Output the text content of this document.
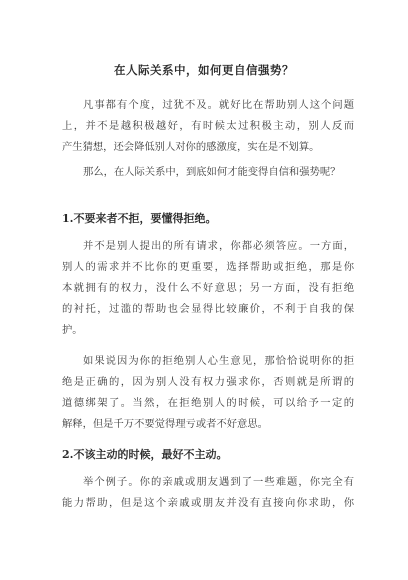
在人际关系中，如何更自信强势？

凡事都有个度，过犹不及。就好比在帮助别人这个问题
上，并不是越积极越好，有时候太过积极主动，别人反而
产生猜想，还会降低别人对你的感激度，实在是不划算。

那么，在人际关系中，到底如何才能变得自信和强势呢？

1.不要来者不拒，要懂得拒绝。

并不是别人提出的所有请求，你都必须答应。一方面，
别人的需求并不比你的更重要，选择帮助或拒绝，那是你
本就拥有的权力，没什么不好意思；另一方面，没有拒绝
的衬托，过滥的帮助也会显得比较廉价，不利于自我的保
护。

如果说因为你的拒绝别人心生意见，那恰恰说明你的拒
绝是正确的，因为别人没有权力强求你，否则就是所谓的
道德绑架了。当然，在拒绝别人的时候，可以给予一定的
解释，但是千万不要觉得理亏或者不好意思。

2.不该主动的时候，最好不主动。

举个例子。你的亲戚或朋友遇到了一些难题，你完全有
能力帮助，但是这个亲戚或朋友并没有直接向你求助，你
